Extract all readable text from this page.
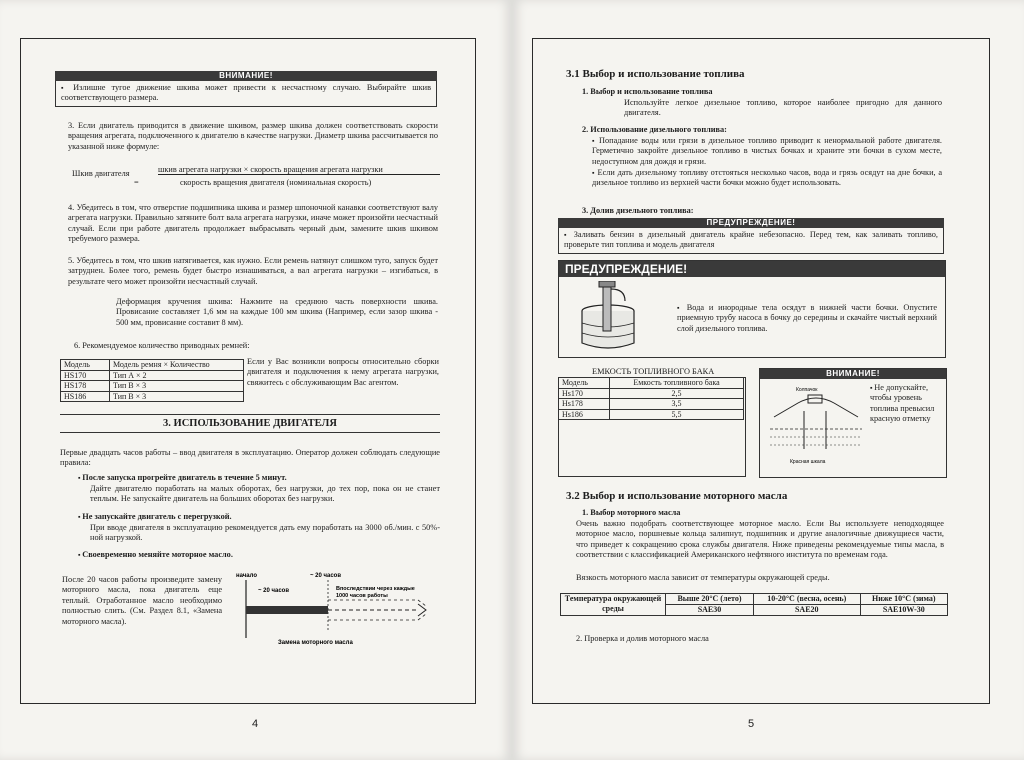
ВНИМАНИЕ!
▪ Излишне тугое движение шкива может привести к несчастному случаю. Выбирайте шкив соответствующего размера.
3. Если двигатель приводится в движение шкивом, размер шкива должен соответствовать скорости вращения агрегата, подключенного к двигателю в качестве нагрузки. Диаметр шкива рассчитывается по указанной ниже формуле:
Шкив двигателя
=
шкив агрегата нагрузки × скорость вращения агрегата нагрузки
скорость вращения двигателя (номинальная скорость)
4. Убедитесь в том, что отверстие подшипника шкива и размер шпоночной канавки соответствуют валу агрегата нагрузки. Правильно затяните болт вала агрегата нагрузки, иначе может произойти несчастный случай. Если при работе двигатель продолжает выбрасывать черный дым, замените шкив шкивом требуемого размера.
5. Убедитесь в том, что шкив натягивается, как нужно. Если ремень натянут слишком туго, запуск будет затруднен. Более того, ремень будет быстро изнашиваться, а вал агрегата нагрузки – изгибаться, в результате чего может произойти несчастный случай.
Деформация кручения шкива: Нажмите на среднюю часть поверхности шкива. Провисание составляет 1,6 мм на каждые 100 мм шкива (Например, если зазор шкива - 500 мм, провисание составит 8 мм).
6. Рекомендуемое количество приводных ремней:
Модель	Модель ремня × Количество
HS170	Тип А × 2
HS178	Тип В × 3
HS186	Тип В × 3
Если у Вас возникли вопросы относительно сборки двигателя и подключения к нему агрегата нагрузки, свяжитесь с обслуживающим Вас агентом.
3. ИСПОЛЬЗОВАНИЕ ДВИГАТЕЛЯ
Первые двадцать часов работы – ввод двигателя в эксплуатацию. Оператор должен соблюдать следующие правила:
▪ После запуска прогрейте двигатель в течение 5 минут.
Дайте двигателю поработать на малых оборотах, без нагрузки, до тех пор, пока он не станет теплым. Не запускайте двигатель на больших оборотах без нагрузки.
▪ Не запускайте двигатель с перегрузкой.
При вводе двигателя в эксплуатацию рекомендуется дать ему поработать на 3000 об./мин. с 50%-ной нагрузкой.
▪ Своевременно меняйте моторное масло.
После 20 часов работы произведите замену моторного масла, пока двигатель еще теплый. Отработанное масло необходимо полностью слить. (См. Раздел 8.1, «Замена моторного масла).
начало	~ 20 часов
~ 20 часов	Впоследствии через каждые 1000 часов работы
Замена моторного масла
4
3.1 Выбор и использование топлива
1. Выбор и использование топлива
Используйте легкое дизельное топливо, которое наиболее пригодно для данного двигателя.
2. Использование дизельного топлива:
▪ Попадание воды или грязи в дизельное топливо приводит к ненормальной работе двигателя. Герметично закройте дизельное топливо в чистых бочках и храните эти бочки в сухом месте, недоступном для дождя и грязи.
▪ Если дать дизельному топливу отстояться несколько часов, вода и грязь осядут на дне бочки, а дизельное топливо из верхней части бочки можно будет использовать.
3. Долив дизельного топлива:
ПРЕДУПРЕЖДЕНИЕ!
▪ Заливать бензин в дизельный двигатель крайне небезопасно. Перед тем, как заливать топливо, проверьте тип топлива и модель двигателя
ПРЕДУПРЕЖДЕНИЕ!
▪ Вода и инородные тела осядут в нижней части бочки. Опустите приемную трубу насоса в бочку до середины и скачайте чистый верхний слой дизельного топлива.
ЕМКОСТЬ ТОПЛИВНОГО БАКА
Модель	Емкость топливного бака
Hs170	2,5
Hs178	3,5
Hs186	5,5
ВНИМАНИЕ!
Колпачок
Красная шкала
▪ Не допускайте, чтобы уровень топлива превысил красную отметку
3.2 Выбор и использование моторного масла
1. Выбор моторного масла
Очень важно подобрать соответствующее моторное масло. Если Вы используете неподходящее моторное масло, поршневые кольца залипнут, подшипник и другие аналогичные движущиеся части, что приведет к сокращению срока службы двигателя. Ниже приведены рекомендуемые типы масла, в соответствии с классификацией Американского нефтяного института по временам года.
Вязкость моторного масла зависит от температуры окружающей среды.
Температура окружающей среды	Выше 20°C (лето)	10-20°C (весна, осень)	Ниже 10°C (зима)
	SAE30	SAE20	SAE10W-30
2. Проверка и долив моторного масла
5
